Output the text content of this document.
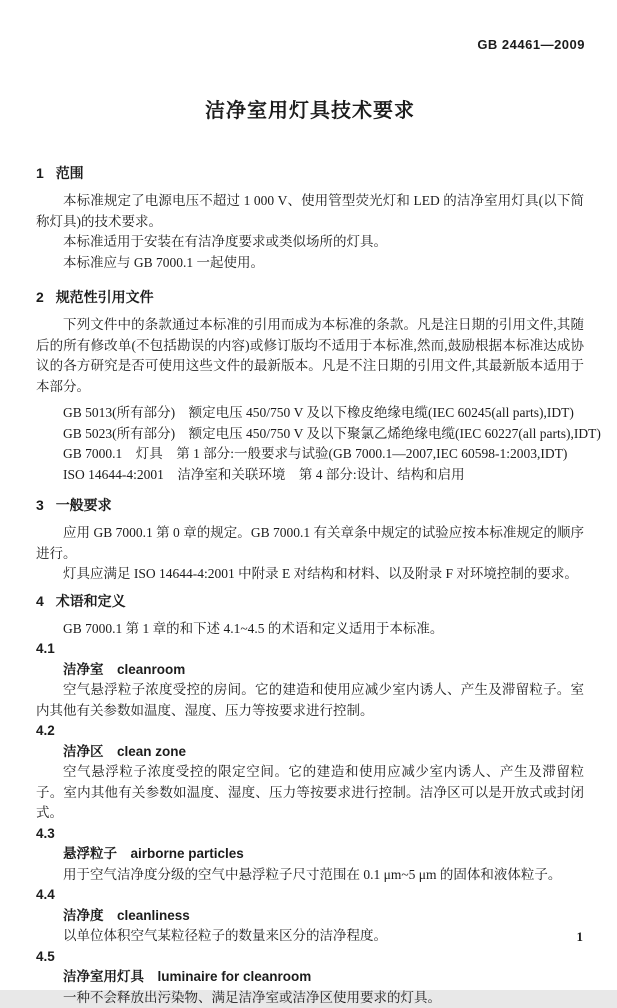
GB 24461—2009
洁净室用灯具技术要求
1 范围

本标准规定了电源电压不超过 1 000 V、使用管型荧光灯和 LED 的洁净室用灯具(以下简称灯具)的技术要求。

本标准适用于安装在有洁净度要求或类似场所的灯具。

本标准应与 GB 7000.1 一起使用。

2 规范性引用文件

下列文件中的条款通过本标准的引用而成为本标准的条款。凡是注日期的引用文件,其随后的所有修改单(不包括勘误的内容)或修订版均不适用于本标准,然而,鼓励根据本标准达成协议的各方研究是否可使用这些文件的最新版本。凡是不注日期的引用文件,其最新版本适用于本部分。

GB 5013(所有部分)　额定电压 450/750 V 及以下橡皮绝缘电缆(IEC 60245(all parts),IDT)

GB 5023(所有部分)　额定电压 450/750 V 及以下聚氯乙烯绝缘电缆(IEC 60227(all parts),IDT)

GB 7000.1　灯具　第 1 部分:一般要求与试验(GB 7000.1—2007,IEC 60598-1:2003,IDT)

ISO 14644-4:2001　洁净室和关联环境　第 4 部分:设计、结构和启用

3 一般要求

应用 GB 7000.1 第 0 章的规定。GB 7000.1 有关章条中规定的试验应按本标准规定的顺序进行。

灯具应满足 ISO 14644-4:2001 中附录 E 对结构和材料、以及附录 F 对环境控制的要求。

4 术语和定义

GB 7000.1 第 1 章的和下述 4.1~4.5 的术语和定义适用于本标准。

4.1

洁净室 cleanroom

空气悬浮粒子浓度受控的房间。它的建造和使用应减少室内诱人、产生及滞留粒子。室内其他有关参数如温度、湿度、压力等按要求进行控制。

4.2

洁净区 clean zone

空气悬浮粒子浓度受控的限定空间。它的建造和使用应减少室内诱人、产生及滞留粒子。室内其他有关参数如温度、湿度、压力等按要求进行控制。洁净区可以是开放式或封闭式。

4.3

悬浮粒子 airborne particles

用于空气洁净度分级的空气中悬浮粒子尺寸范围在 0.1 μm~5 μm 的固体和液体粒子。

4.4

洁净度 cleanliness

以单位体积空气某粒径粒子的数量来区分的洁净程度。

4.5

洁净室用灯具 luminaire for cleanroom

一种不会释放出污染物、满足洁净室或洁净区使用要求的灯具。

1
